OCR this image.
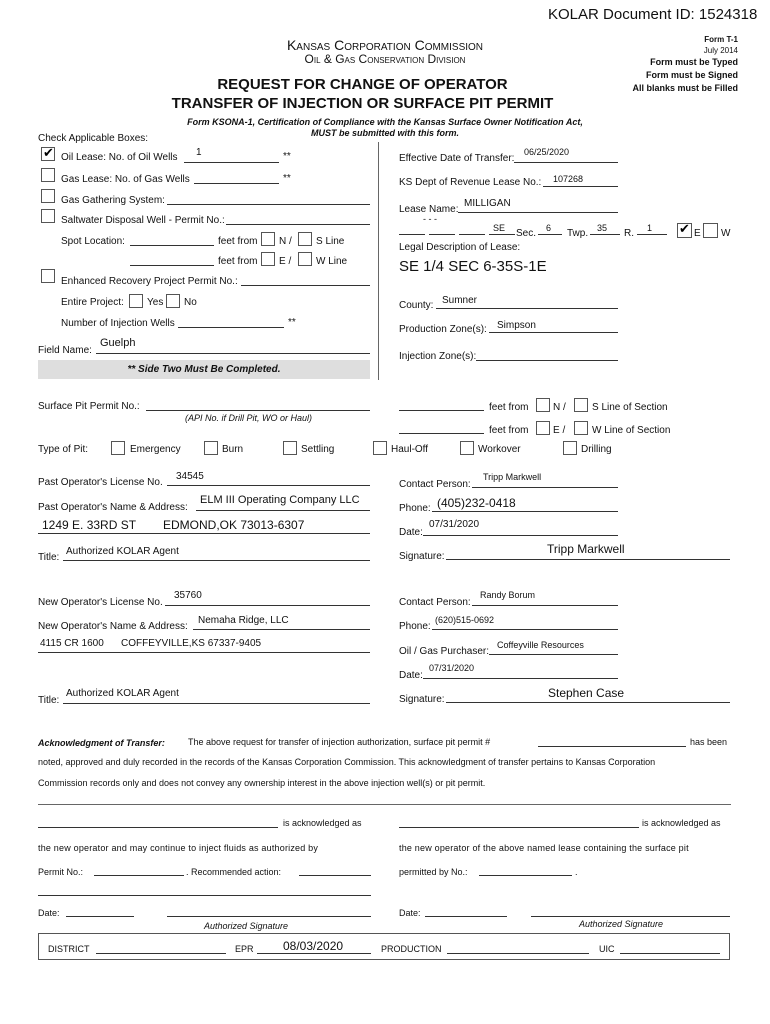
KOLAR Document ID: 1524318
Kansas Corporation Commission
Oil & Gas Conservation Division
REQUEST FOR CHANGE OF OPERATOR
TRANSFER OF INJECTION OR SURFACE PIT PERMIT
Form T-1
July 2014
Form must be Typed
Form must be Signed
All blanks must be Filled
Form KSONA-1, Certification of Compliance with the Kansas Surface Owner Notification Act,
MUST be submitted with this form.
Check Applicable Boxes:
✔
Oil Lease: No. of Oil Wells 1	**
Gas Lease: No. of Gas Wells	**
Gas Gathering System:
Saltwater Disposal Well - Permit No.:
Spot Location:	feet from N / S Line
feet from E / W Line
Enhanced Recovery Project Permit No.:
Entire Project: Yes No
Number of Injection Wells	**
Field Name:
Guelph
** Side Two Must Be Completed.
Effective Date of Transfer:
06/25/2020
KS Dept of Revenue Lease No.: 107268
Lease Name:
MILLIGAN
- - -
SE Sec. 6 Twp. 35 R. 1
✔	E W
Legal Description of Lease:
SE 1/4 SEC 6-35S-1E
County: Sumner
Production Zone(s): Simpson
Injection Zone(s):
Surface Pit Permit No.:
(API No. if Drill Pit, WO or Haul)
feet from N /	S Line of Section
feet from E /	W Line of Section
Type of Pit:	Emergency	Burn	Settling	Haul-Off	Workover	Drilling
Past Operator's License No.
34545
Past Operator's Name & Address:
ELM III Operating Company LLC
1249 E. 33RD ST EDMOND,OK 73013-6307
Title:
Authorized KOLAR Agent
Contact Person:
Tripp Markwell
Phone: (405)232-0418
Date:
07/31/2020
Signature:
Tripp Markwell
New Operator's License No.
35760
New Operator's Name & Address:
Nemaha Ridge, LLC
4115 CR 1600 COFFEYVILLE,KS 67337-9405
Title:
Authorized KOLAR Agent
Contact Person:
Randy Borum
Phone:
(620)515-0692
Oil / Gas Purchaser:
Coffeyville Resources
Date:
07/31/2020
Signature:	Stephen Case
Acknowledgment of Transfer:	The above request for transfer of injection authorization, surface pit permit #	has been
noted, approved and duly recorded in the records of the Kansas Corporation Commission. This acknowledgment of transfer pertains to Kansas Corporation
Commission records only and does not convey any ownership interest in the above injection well(s) or pit permit.
is acknowledged as
the new operator and may continue to inject fluids as authorized by
Permit No.:	. Recommended action:
is acknowledged as
the new operator of the above named lease containing the surface pit
permitted by No.:	.
Date:
Authorized Signature
Date:
Authorized Signature
DISTRICT	EPR 08/03/2020	PRODUCTION	UIC
